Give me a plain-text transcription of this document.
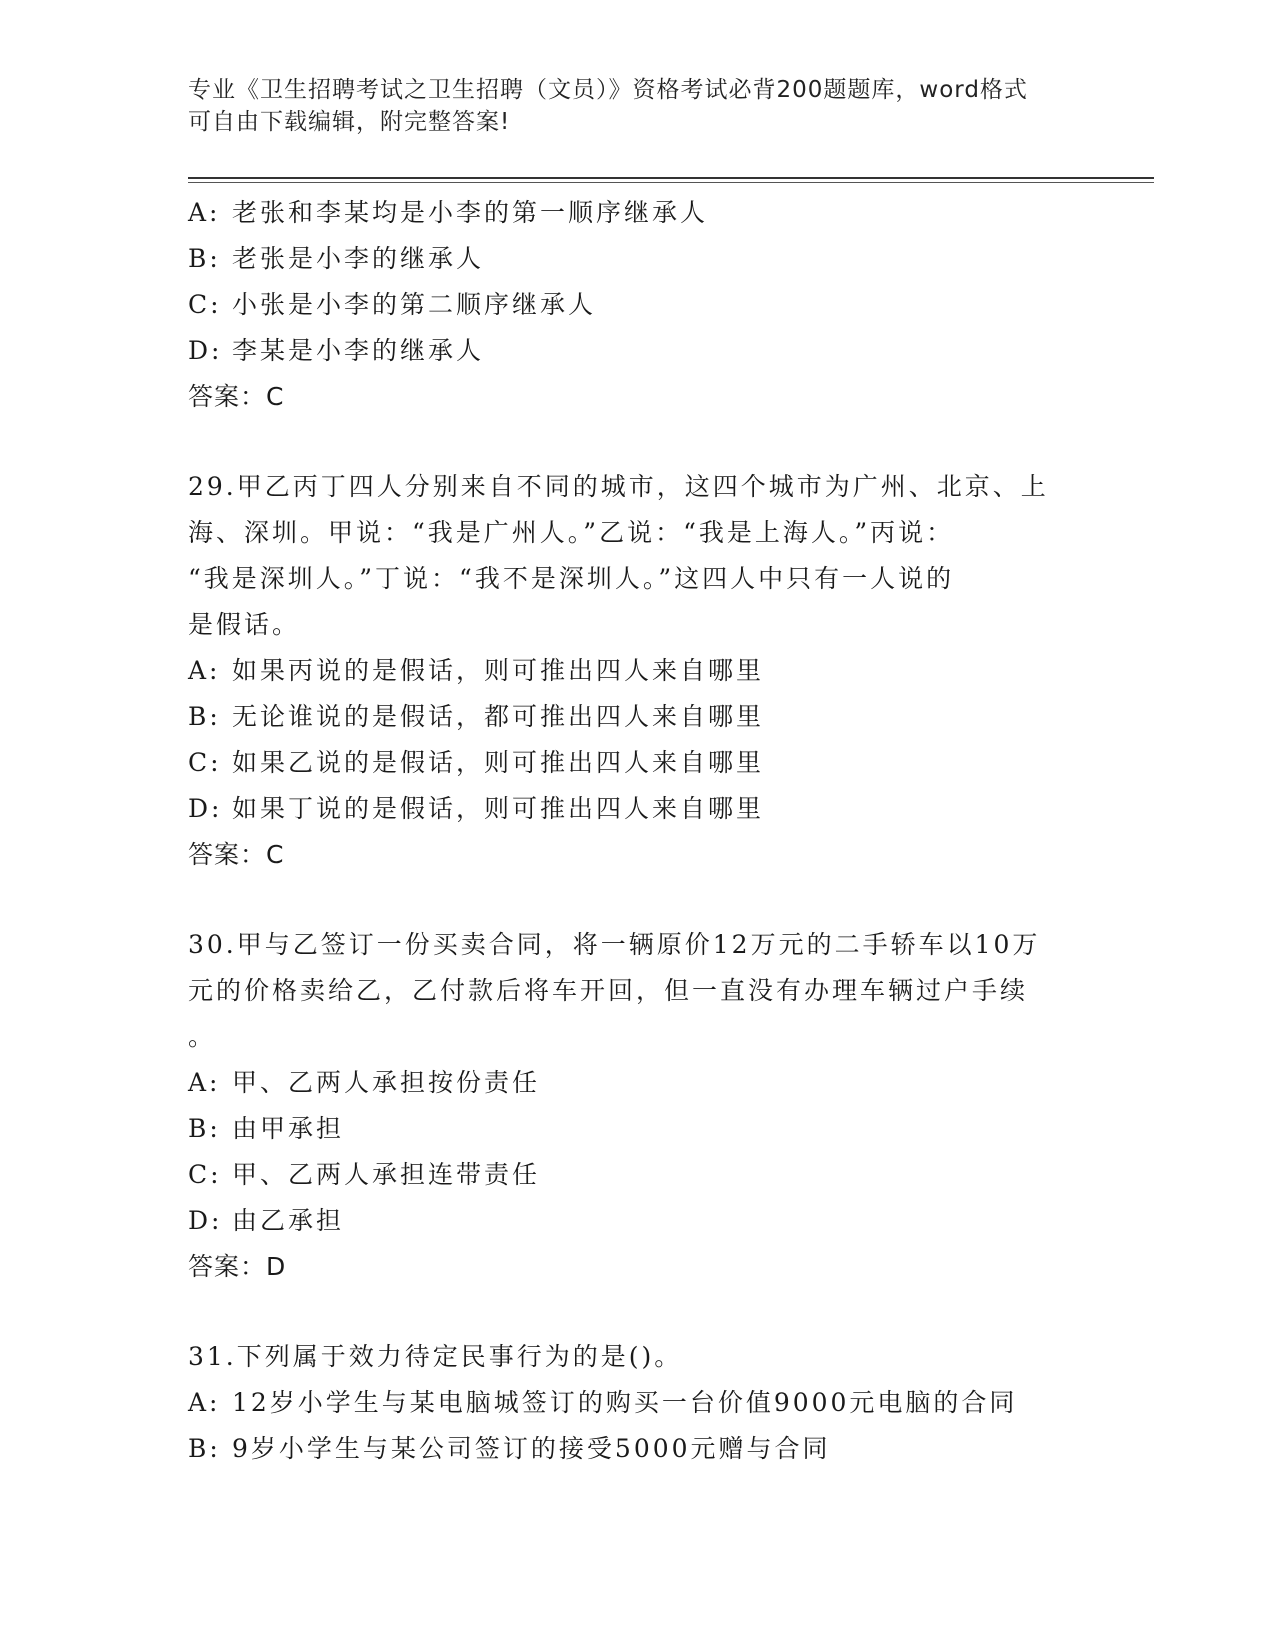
专业《卫生招聘考试之卫生招聘（文员）》资格考试必背200题题库，word格式
可自由下载编辑，附完整答案!
A: 老张和李某均是小李的第一顺序继承人
B: 老张是小李的继承人
C: 小张是小李的第二顺序继承人
D: 李某是小李的继承人
答案：C
29.甲乙丙丁四人分别来自不同的城市，这四个城市为广州、北京、上
海、深圳。甲说：“我是广州人。”乙说：“我是上海人。”丙说：
“我是深圳人。”丁说：“我不是深圳人。”这四人中只有一人说的
是假话。
A: 如果丙说的是假话，则可推出四人来自哪里
B: 无论谁说的是假话，都可推出四人来自哪里
C: 如果乙说的是假话，则可推出四人来自哪里
D: 如果丁说的是假话，则可推出四人来自哪里
答案：C
30.甲与乙签订一份买卖合同，将一辆原价12万元的二手轿车以10万
元的价格卖给乙，乙付款后将车开回，但一直没有办理车辆过户手续
。
A: 甲、乙两人承担按份责任
B: 由甲承担
C: 甲、乙两人承担连带责任
D: 由乙承担
答案：D
31.下列属于效力待定民事行为的是()。
A: 12岁小学生与某电脑城签订的购买一台价值9000元电脑的合同
B: 9岁小学生与某公司签订的接受5000元赠与合同
